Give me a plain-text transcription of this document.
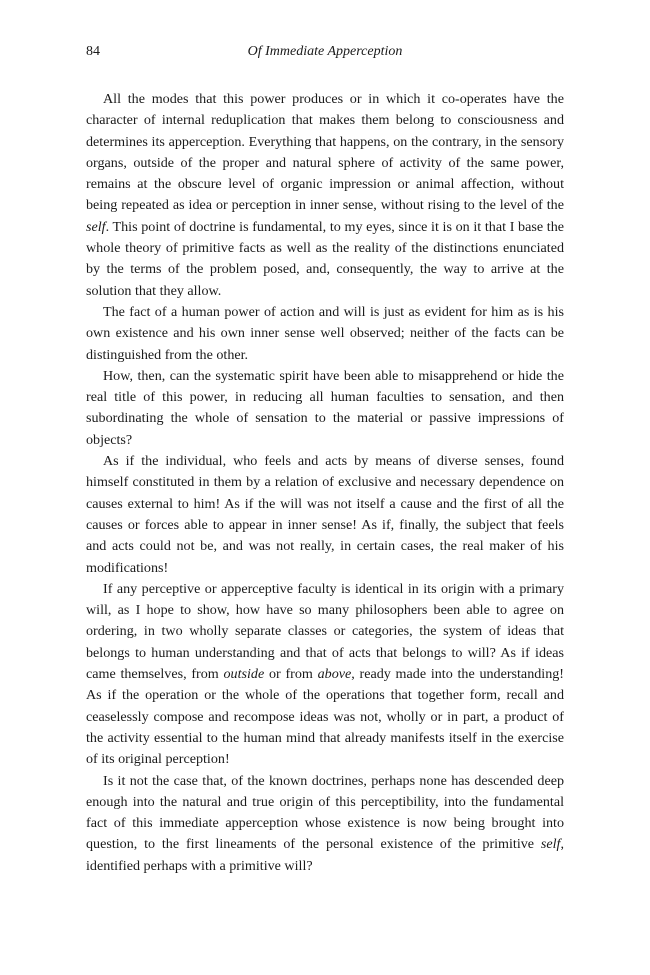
84	Of Immediate Apperception

All the modes that this power produces or in which it co-operates have the character of internal reduplication that makes them belong to consciousness and determines its apperception. Everything that happens, on the contrary, in the sensory organs, outside of the proper and natural sphere of activity of the same power, remains at the obscure level of organic impression or animal affection, without being repeated as idea or perception in inner sense, without rising to the level of the self. This point of doctrine is fundamental, to my eyes, since it is on it that I base the whole theory of primitive facts as well as the reality of the distinctions enunciated by the terms of the problem posed, and, consequently, the way to arrive at the solution that they allow.

The fact of a human power of action and will is just as evident for him as is his own existence and his own inner sense well observed; neither of the facts can be distinguished from the other.

How, then, can the systematic spirit have been able to misapprehend or hide the real title of this power, in reducing all human faculties to sensation, and then subordinating the whole of sensation to the material or passive impressions of objects?

As if the individual, who feels and acts by means of diverse senses, found himself constituted in them by a relation of exclusive and necessary dependence on causes external to him! As if the will was not itself a cause and the first of all the causes or forces able to appear in inner sense! As if, finally, the subject that feels and acts could not be, and was not really, in certain cases, the real maker of his modifications!

If any perceptive or apperceptive faculty is identical in its origin with a primary will, as I hope to show, how have so many philosophers been able to agree on ordering, in two wholly separate classes or categories, the system of ideas that belongs to human understanding and that of acts that belongs to will? As if ideas came themselves, from outside or from above, ready made into the understanding! As if the operation or the whole of the operations that together form, recall and ceaselessly compose and recompose ideas was not, wholly or in part, a product of the activity essential to the human mind that already manifests itself in the exercise of its original perception!

Is it not the case that, of the known doctrines, perhaps none has descended deep enough into the natural and true origin of this perceptibility, into the fundamental fact of this immediate apperception whose existence is now being brought into question, to the first lineaments of the personal existence of the primitive self, identified perhaps with a primitive will?
